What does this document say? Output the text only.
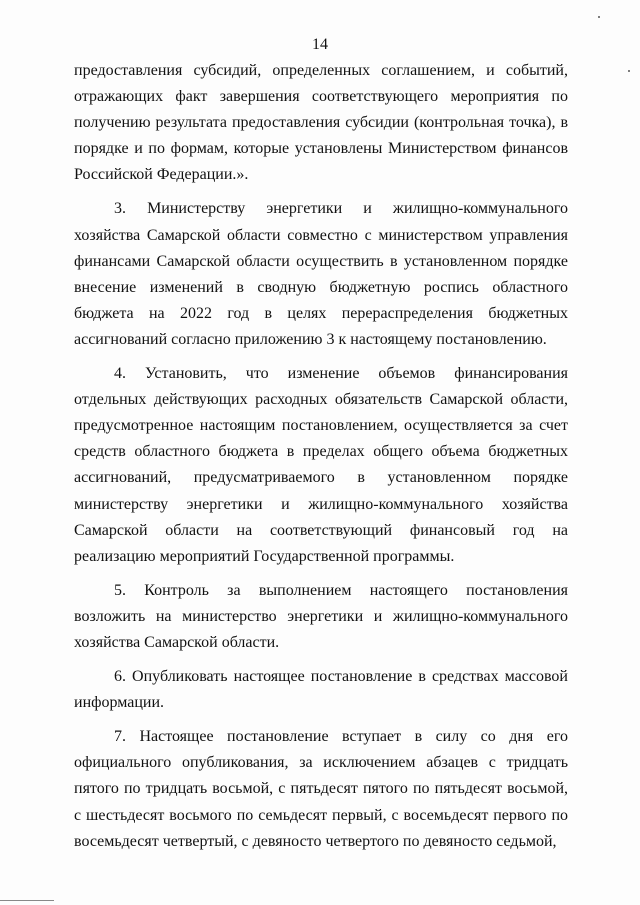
14

предоставления субсидий, определенных соглашением, и событий, отражающих факт завершения соответствующего мероприятия по получению результата предоставления субсидии (контрольная точка), в порядке и по формам, которые установлены Министерством финансов Российской Федерации.».

3. Министерству энергетики и жилищно-коммунального хозяйства Самарской области совместно с министерством управления финансами Самарской области осуществить в установленном порядке внесение изменений в сводную бюджетную роспись областного бюджета на 2022 год в целях перераспределения бюджетных ассигнований согласно приложению 3 к настоящему постановлению.

4. Установить, что изменение объемов финансирования отдельных действующих расходных обязательств Самарской области, предусмотренное настоящим постановлением, осуществляется за счет средств областного бюджета в пределах общего объема бюджетных ассигнований, предусматриваемого в установленном порядке министерству энергетики и жилищно-коммунального хозяйства Самарской области на соответствующий финансовый год на реализацию мероприятий Государственной программы.

5. Контроль за выполнением настоящего постановления возложить на министерство энергетики и жилищно-коммунального хозяйства Самарской области.

6. Опубликовать настоящее постановление в средствах массовой информации.

7. Настоящее постановление вступает в силу со дня его официального опубликования, за исключением абзацев с тридцать пятого по тридцать восьмой, с пятьдесят пятого по пятьдесят восьмой, с шестьдесят восьмого по семьдесят первый, с восемьдесят первого по восемьдесят четвертый, с девяносто четвертого по девяносто седьмой,
